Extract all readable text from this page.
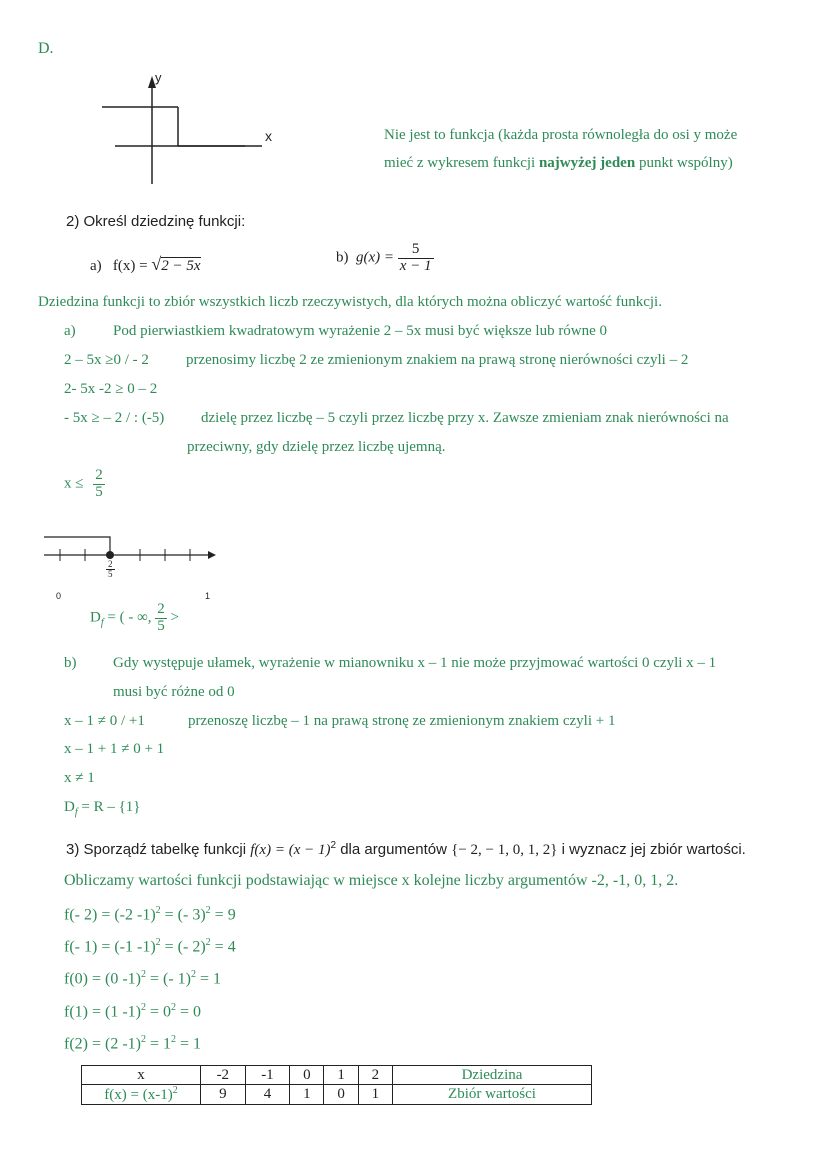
D.
y
x	Nie jest to funkcja (każda prosta równoległa do osi y może
mieć z wykresem funkcji najwyżej jeden punkt wspólny)
2) Określ dziedzinę funkcji:
a) f(x) = √2 − 5x
b) $g(x) = \frac{5}{x - 1}$
Dziedzina funkcji to zbiór wszystkich liczb rzeczywistych, dla których można obliczyć wartość funkcji.
a) Pod pierwiastkiem kwadratowym wyrażenie 2 – 5x musi być większe lub równe 0
2 – 5x ≥0 / - 2 przenosimy liczbę 2 ze zmienionym znakiem na prawą stronę nierówności czyli – 2
2- 5x -2 ≥ 0 – 2
- 5x ≥ – 2 / : (-5) dzielę przez liczbę – 5 czyli przez liczbę przy x. Zawsze zmieniam znak nierówności na
przeciwny, gdy dzielę przez liczbę ujemną.
$x \le \frac{2}{5}$
$\frac{2}{5}$
0	1
$D_f$ = ( - ∞, $\frac{2}{5}$ >
b) Gdy występuje ułamek, wyrażenie w mianowniku x – 1 nie może przyjmować wartości 0 czyli x – 1
musi być różne od 0
x – 1 ≠ 0 / +1	przenoszę liczbę – 1 na prawą stronę ze zmienionym znakiem czyli + 1
x – 1 + 1 ≠ 0 + 1
x ≠ 1
$D_f = R - \{1\}$
3) Sporządź tabelkę funkcji $f(x) = (x - 1)^2$ dla argumentów {− 2, − 1, 0, 1, 2} i wyznacz jej zbiór wartości.
Obliczamy wartości funkcji podstawiając w miejsce x kolejne liczby argumentów -2, -1, 0, 1, 2.
f(- 2) = (-2 -1)$^2$ = (- 3)$^2$ = 9
f(- 1) = (-1 -1)$^2$ = (- 2)$^2$ = 4
f(0) = (0 -1)$^2$ = (- 1)$^2$ = 1
f(1) = (1 $-1)^2 = 0^2 = 0$
f(2) = (2 $-1)^2 = 1^2 = 1$
x	-2	-1	0	1	2	Dziedzina
$f(x) = (x-1)^2$	9	4	1	0	1	Zbiór wartości
